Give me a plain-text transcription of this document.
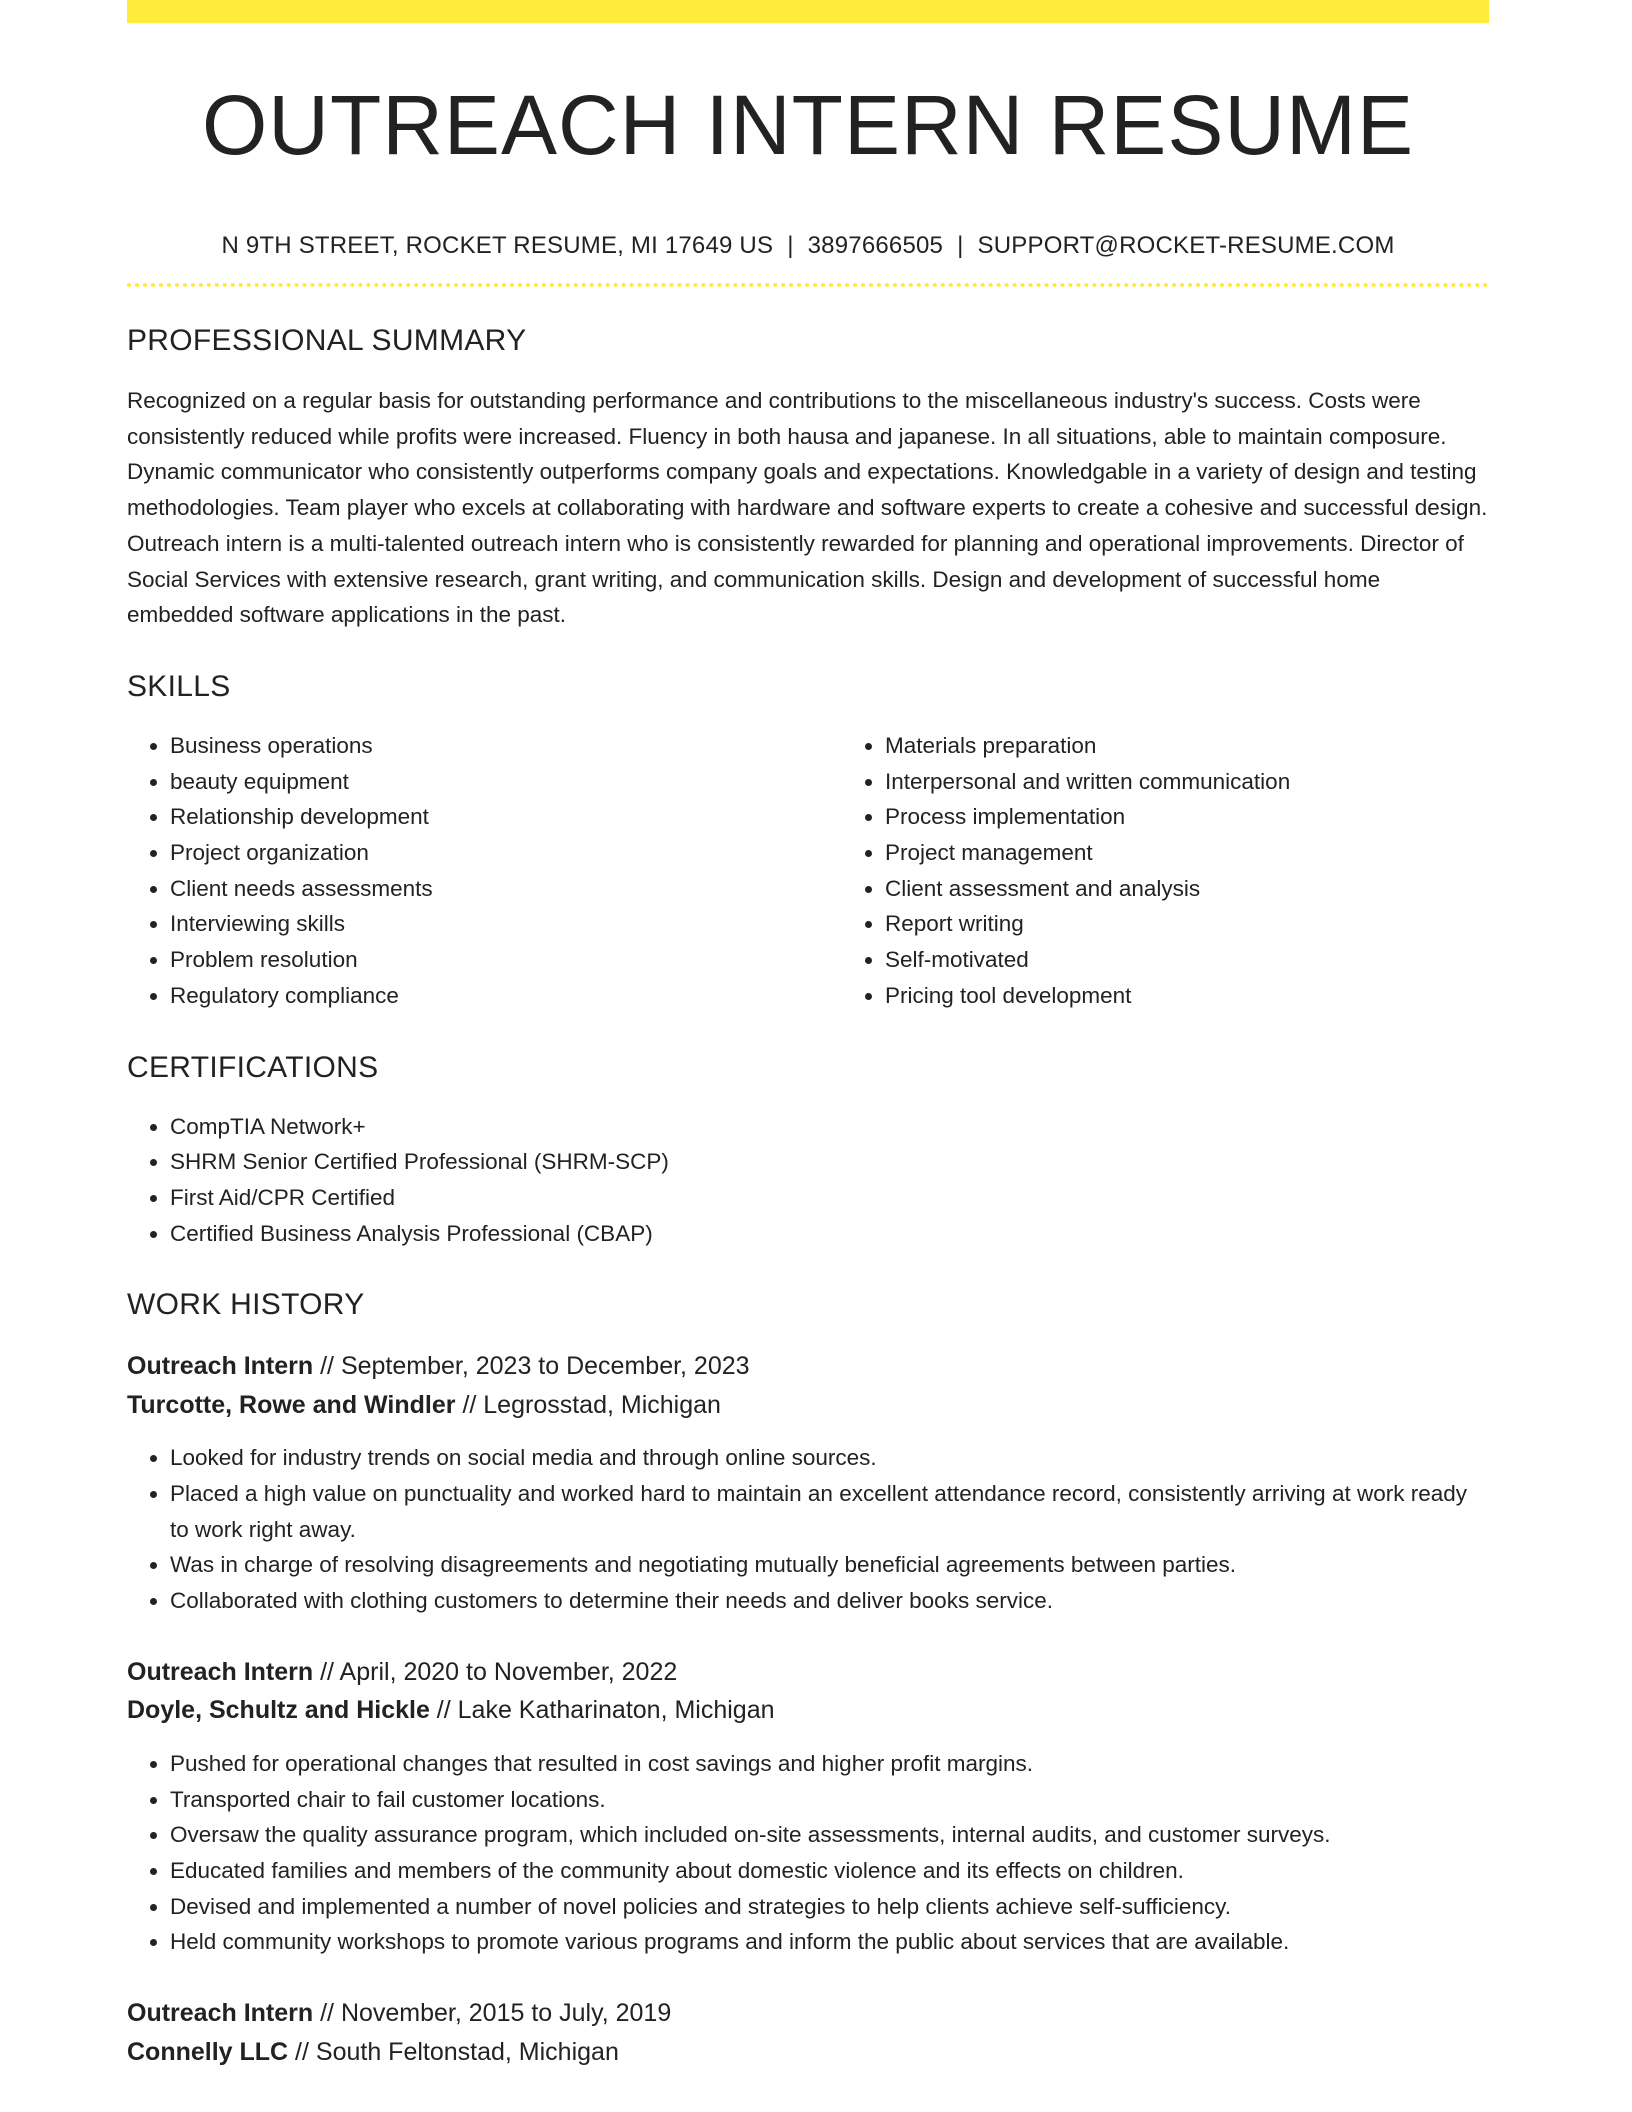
OUTREACH INTERN RESUME
N 9TH STREET, ROCKET RESUME, MI 17649 US | 3897666505 | SUPPORT@ROCKET-RESUME.COM
PROFESSIONAL SUMMARY

Recognized on a regular basis for outstanding performance and contributions to the miscellaneous industry's success. Costs were consistently reduced while profits were increased. Fluency in both hausa and japanese. In all situations, able to maintain composure. Dynamic communicator who consistently outperforms company goals and expectations. Knowledgable in a variety of design and testing methodologies. Team player who excels at collaborating with hardware and software experts to create a cohesive and successful design. Outreach intern is a multi-talented outreach intern who is consistently rewarded for planning and operational improvements. Director of Social Services with extensive research, grant writing, and communication skills. Design and development of successful home embedded software applications in the past.

SKILLS
• Business operations
• beauty equipment
• Relationship development
• Project organization
• Client needs assessments
• Interviewing skills
• Problem resolution
• Regulatory compliance
• Materials preparation
• Interpersonal and written communication
• Process implementation
• Project management
• Client assessment and analysis
• Report writing
• Self-motivated
• Pricing tool development
CERTIFICATIONS
• CompTIA Network+
• SHRM Senior Certified Professional (SHRM-SCP)
• First Aid/CPR Certified
• Certified Business Analysis Professional (CBAP)
WORK HISTORY
Outreach Intern // September, 2023 to December, 2023
Turcotte, Rowe and Windler // Legrosstad, Michigan
• Looked for industry trends on social media and through online sources.
• Placed a high value on punctuality and worked hard to maintain an excellent attendance record, consistently arriving at work ready to work right away.
• Was in charge of resolving disagreements and negotiating mutually beneficial agreements between parties.
• Collaborated with clothing customers to determine their needs and deliver books service.
Outreach Intern // April, 2020 to November, 2022
Doyle, Schultz and Hickle // Lake Katharinaton, Michigan
• Pushed for operational changes that resulted in cost savings and higher profit margins.
• Transported chair to fail customer locations.
• Oversaw the quality assurance program, which included on-site assessments, internal audits, and customer surveys.
• Educated families and members of the community about domestic violence and its effects on children.
• Devised and implemented a number of novel policies and strategies to help clients achieve self-sufficiency.
• Held community workshops to promote various programs and inform the public about services that are available.
Outreach Intern // November, 2015 to July, 2019
Connelly LLC // South Feltonstad, Michigan
